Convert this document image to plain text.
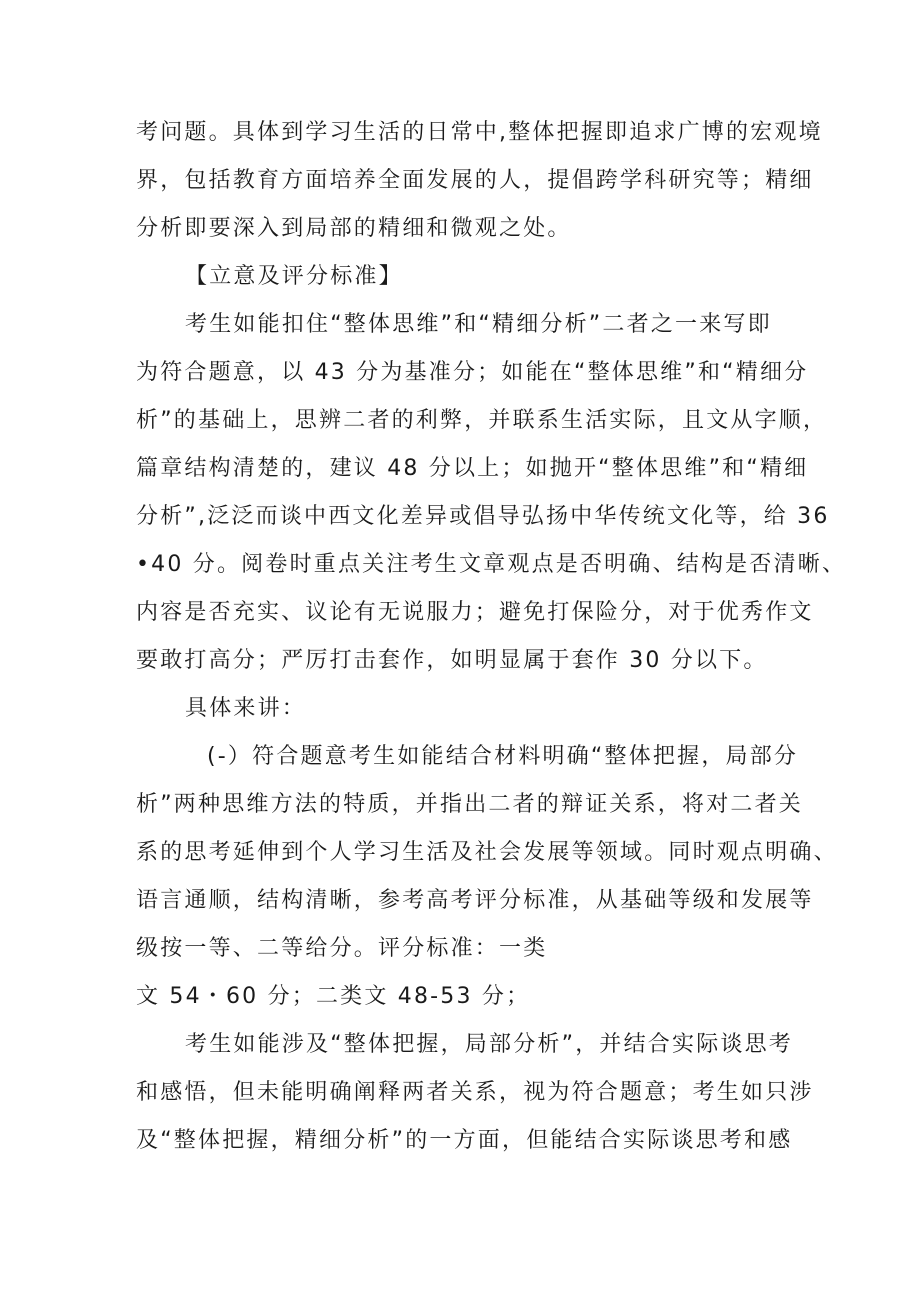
考问题。具体到学习生活的日常中,整体把握即追求广博的宏观境
界，包括教育方面培养全面发展的人，提倡跨学科研究等；精细
分析即要深入到局部的精细和微观之处。
【立意及评分标准】
考生如能扣住“整体思维”和“精细分析”二者之一来写即
为符合题意，以 43 分为基准分；如能在“整体思维”和“精细分
析”的基础上，思辨二者的利弊，并联系生活实际，且文从字顺，
篇章结构清楚的，建议 48 分以上；如抛开“整体思维”和“精细
分析”,泛泛而谈中西文化差异或倡导弘扬中华传统文化等，给 36
•40 分。阅卷时重点关注考生文章观点是否明确、结构是否清晰、
内容是否充实、议论有无说服力；避免打保险分，对于优秀作文
要敢打高分；严厉打击套作，如明显属于套作 30 分以下。
具体来讲：
(-）符合题意考生如能结合材料明确“整体把握，局部分
析”两种思维方法的特质，并指出二者的辩证关系，将对二者关
系的思考延伸到个人学习生活及社会发展等领域。同时观点明确、
语言通顺，结构清晰，参考高考评分标准，从基础等级和发展等
级按一等、二等给分。评分标准：一类
文 54・60 分；二类文 48-53 分；
考生如能涉及“整体把握，局部分析”，并结合实际谈思考
和感悟，但未能明确阐释两者关系，视为符合题意；考生如只涉
及“整体把握，精细分析”的一方面，但能结合实际谈思考和感
